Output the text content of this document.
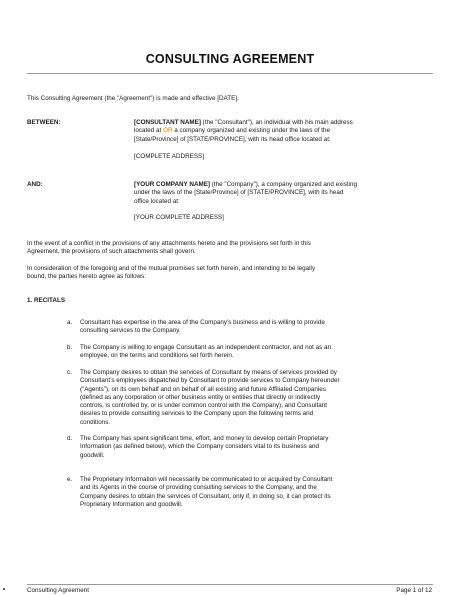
CONSULTING AGREEMENT
This Consulting Agreement (the "Agreement") is made and effective [DATE],
BETWEEN:	[CONSULTANT NAME] (the "Consultant"), an individual with his main address
located at OR a company organized and existing under the laws of the
[State/Province] of [STATE/PROVINCE], with its head office located at:
[COMPLETE ADDRESS]
AND:	[YOUR COMPANY NAME] (the "Company"), a company organized and existing
under the laws of the [State/Province] of [STATE/PROVINCE], with its head
office located at:
[YOUR COMPLETE ADDRESS]
In the event of a conflict in the provisions of any attachments hereto and the provisions set forth in this
Agreement, the provisions of such attachments shall govern.
In consideration of the foregoing and of the mutual promises set forth herein, and intending to be legally
bound, the parties hereto agree as follows:
1. RECITALS
a. Consultant has expertise in the area of the Company's business and is willing to provide
consulting services to the Company.
b. The Company is willing to engage Consultant as an independent contractor, and not as an
employee, on the terms and conditions set forth herein.
c. The Company desires to obtain the services of Consultant by means of services provided by
Consultant’s employees dispatched by Consultant to provide services to Company hereunder
(“Agents”), on its own behalf and on behalf of all existing and future Affiliated Companies
(defined as any corporation or other business entity or entities that directly or indirectly
controls, is controlled by, or is under common control with the Company), and Consultant
desires to provide consulting services to the Company upon the following terms and
conditions.
d. The Company has spent significant time, effort, and money to develop certain Proprietary
Information (as defined below), which the Company considers vital to its business and
goodwill.
e. The Proprietary Information will necessarily be communicated to or acquired by Consultant
and its Agents in the course of providing consulting services to the Company, and the
Company desires to obtain the services of Consultant, only if, in doing so, it can protect its
Proprietary Information and goodwill.
Consulting Agreement	Page 1 of 12
